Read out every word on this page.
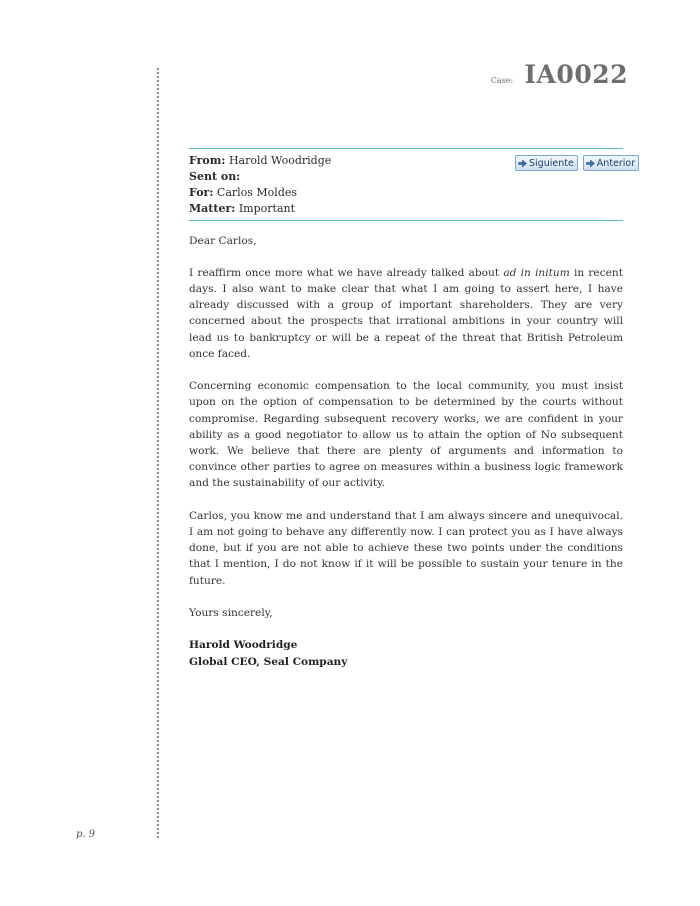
p. 9
Case: IA0022
From: Harold Woodridge
Sent on:
For: Carlos Moldes
Matter: Important
Siguiente Anterior

Dear Carlos,

I reaffirm once more what we have already talked about ad in initum in recent days. I also want to make clear that what I am going to assert here, I have already discussed with a group of important shareholders. They are very concerned about the prospects that irrational ambitions in your country will lead us to bankruptcy or will be a repeat of the threat that British Petroleum once faced.

Concerning economic compensation to the local community, you must insist upon on the option of compensation to be determined by the courts without compromise. Regarding subsequent recovery works, we are confident in your ability as a good negotiator to allow us to attain the option of No subsequent work. We believe that there are plenty of arguments and information to convince other parties to agree on measures within a business logic framework and the sustainability of our activity.

Carlos, you know me and understand that I am always sincere and unequivocal. I am not going to behave any differently now. I can protect you as I have always done, but if you are not able to achieve these two points under the conditions that I mention, I do not know if it will be possible to sustain your tenure in the future.

Yours sincerely,

Harold Woodridge

Global CEO, Seal Company
